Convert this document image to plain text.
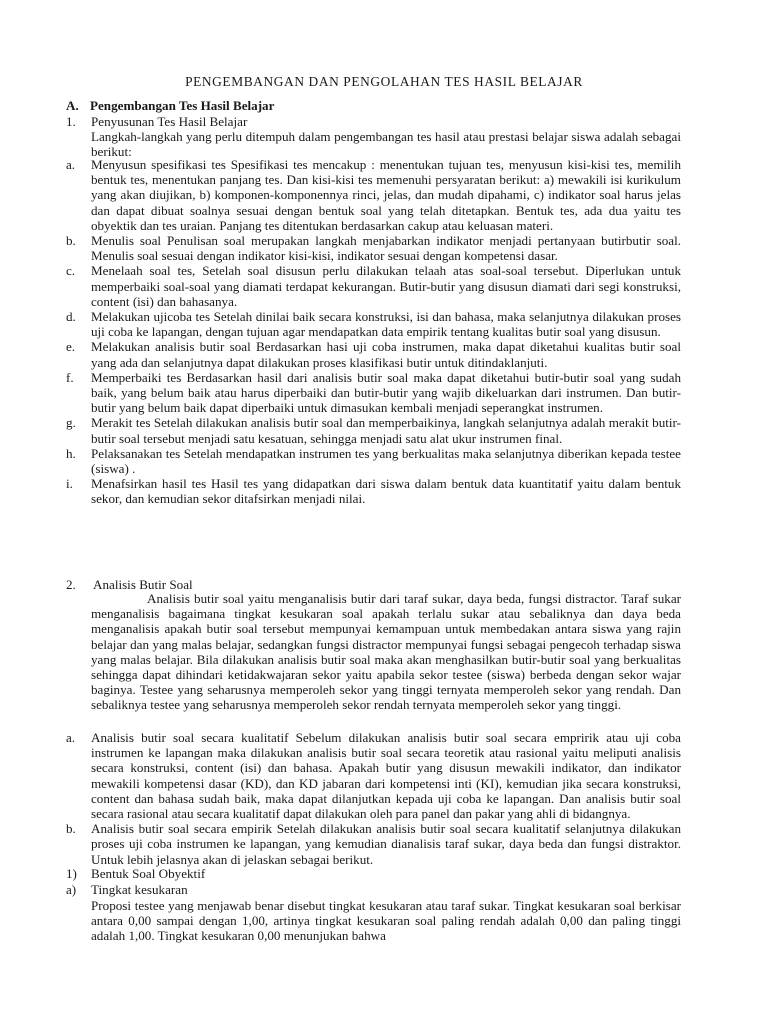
PENGEMBANGAN DAN PENGOLAHAN TES HASIL BELAJAR
A. Pengembangan Tes Hasil Belajar
1. Penyusunan Tes Hasil Belajar
Langkah-langkah yang perlu ditempuh dalam pengembangan tes hasil atau prestasi belajar siswa adalah sebagai berikut:
a.	Menyusun spesifikasi tes Spesifikasi tes mencakup : menentukan tujuan tes, menyusun kisi-kisi tes, memilih bentuk tes, menentukan panjang tes. Dan kisi-kisi tes memenuhi persyaratan berikut: a) mewakili isi kurikulum yang akan diujikan, b) komponen-komponennya rinci, jelas, dan mudah dipahami, c) indikator soal harus jelas dan dapat dibuat soalnya sesuai dengan bentuk soal yang telah ditetapkan. Bentuk tes, ada dua yaitu tes obyektik dan tes uraian. Panjang tes ditentukan berdasarkan cakup atau keluasan materi.
b.	Menulis soal Penulisan soal merupakan langkah menjabarkan indikator menjadi pertanyaan butirbutir soal. Menulis soal sesuai dengan indikator kisi-kisi, indikator sesuai dengan kompetensi dasar.
c.	Menelaah soal tes, Setelah soal disusun perlu dilakukan telaah atas soal-soal tersebut. Diperlukan untuk memperbaiki soal-soal yang diamati terdapat kekurangan. Butir-butir yang disusun diamati dari segi konstruksi, content (isi) dan bahasanya.
d.	Melakukan ujicoba tes Setelah dinilai baik secara konstruksi, isi dan bahasa, maka selanjutnya dilakukan proses uji coba ke lapangan, dengan tujuan agar mendapatkan data empirik tentang kualitas butir soal yang disusun.
e.	Melakukan analisis butir soal Berdasarkan hasi uji coba instrumen, maka dapat diketahui kualitas butir soal yang ada dan selanjutnya dapat dilakukan proses klasifikasi butir untuk ditindaklanjuti.
f.	Memperbaiki tes Berdasarkan hasil dari analisis butir soal maka dapat diketahui butir-butir soal yang sudah baik, yang belum baik atau harus diperbaiki dan butir-butir yang wajib dikeluarkan dari instrumen. Dan butir-butir yang belum baik dapat diperbaiki untuk dimasukan kembali menjadi seperangkat instrumen.
g.	Merakit tes Setelah dilakukan analisis butir soal dan memperbaikinya, langkah selanjutnya adalah merakit butir-butir soal tersebut menjadi satu kesatuan, sehingga menjadi satu alat ukur instrumen final.
h.	Pelaksanakan tes Setelah mendapatkan instrumen tes yang berkualitas maka selanjutnya diberikan kepada testee (siswa) .
i.	Menafsirkan hasil tes Hasil tes yang didapatkan dari siswa dalam bentuk data kuantitatif yaitu dalam bentuk sekor, dan kemudian sekor ditafsirkan menjadi nilai.
2. Analisis Butir Soal
Analisis butir soal yaitu menganalisis butir dari taraf sukar, daya beda, fungsi distractor. Taraf sukar menganalisis bagaimana tingkat kesukaran soal apakah terlalu sukar atau sebaliknya dan daya beda menganalisis apakah butir soal tersebut mempunyai kemampuan untuk membedakan antara siswa yang rajin belajar dan yang malas belajar, sedangkan fungsi distractor mempunyai fungsi sebagai pengecoh terhadap siswa yang malas belajar. Bila dilakukan analisis butir soal maka akan menghasilkan butir-butir soal yang berkualitas sehingga dapat dihindari ketidakwajaran sekor yaitu apabila sekor testee (siswa) berbeda dengan sekor wajar baginya. Testee yang seharusnya memperoleh sekor yang tinggi ternyata memperoleh sekor yang rendah. Dan sebaliknya testee yang seharusnya memperoleh sekor rendah ternyata memperoleh sekor yang tinggi.
a.	Analisis butir soal secara kualitatif Sebelum dilakukan analisis butir soal secara empririk atau uji coba instrumen ke lapangan maka dilakukan analisis butir soal secara teoretik atau rasional yaitu meliputi analisis secara konstruksi, content (isi) dan bahasa. Apakah butir yang disusun mewakili indikator, dan indikator mewakili kompetensi dasar (KD), dan KD jabaran dari kompetensi inti (KI), kemudian jika secara konstruksi, content dan bahasa sudah baik, maka dapat dilanjutkan kepada uji coba ke lapangan. Dan analisis butir soal secara rasional atau secara kualitatif dapat dilakukan oleh para panel dan pakar yang ahli di bidangnya.
b.	Analisis butir soal secara empirik Setelah dilakukan analisis butir soal secara kualitatif selanjutnya dilakukan proses uji coba instrumen ke lapangan, yang kemudian dianalisis taraf sukar, daya beda dan fungsi distraktor. Untuk lebih jelasnya akan di jelaskan sebagai berikut.
1) Bentuk Soal Obyektif
a) Tingkat kesukaran
Proposi testee yang menjawab benar disebut tingkat kesukaran atau taraf sukar. Tingkat kesukaran soal berkisar antara 0,00 sampai dengan 1,00, artinya tingkat kesukaran soal paling rendah adalah 0,00 dan paling tinggi adalah 1,00. Tingkat kesukaran 0,00 menunjukan bahwa
